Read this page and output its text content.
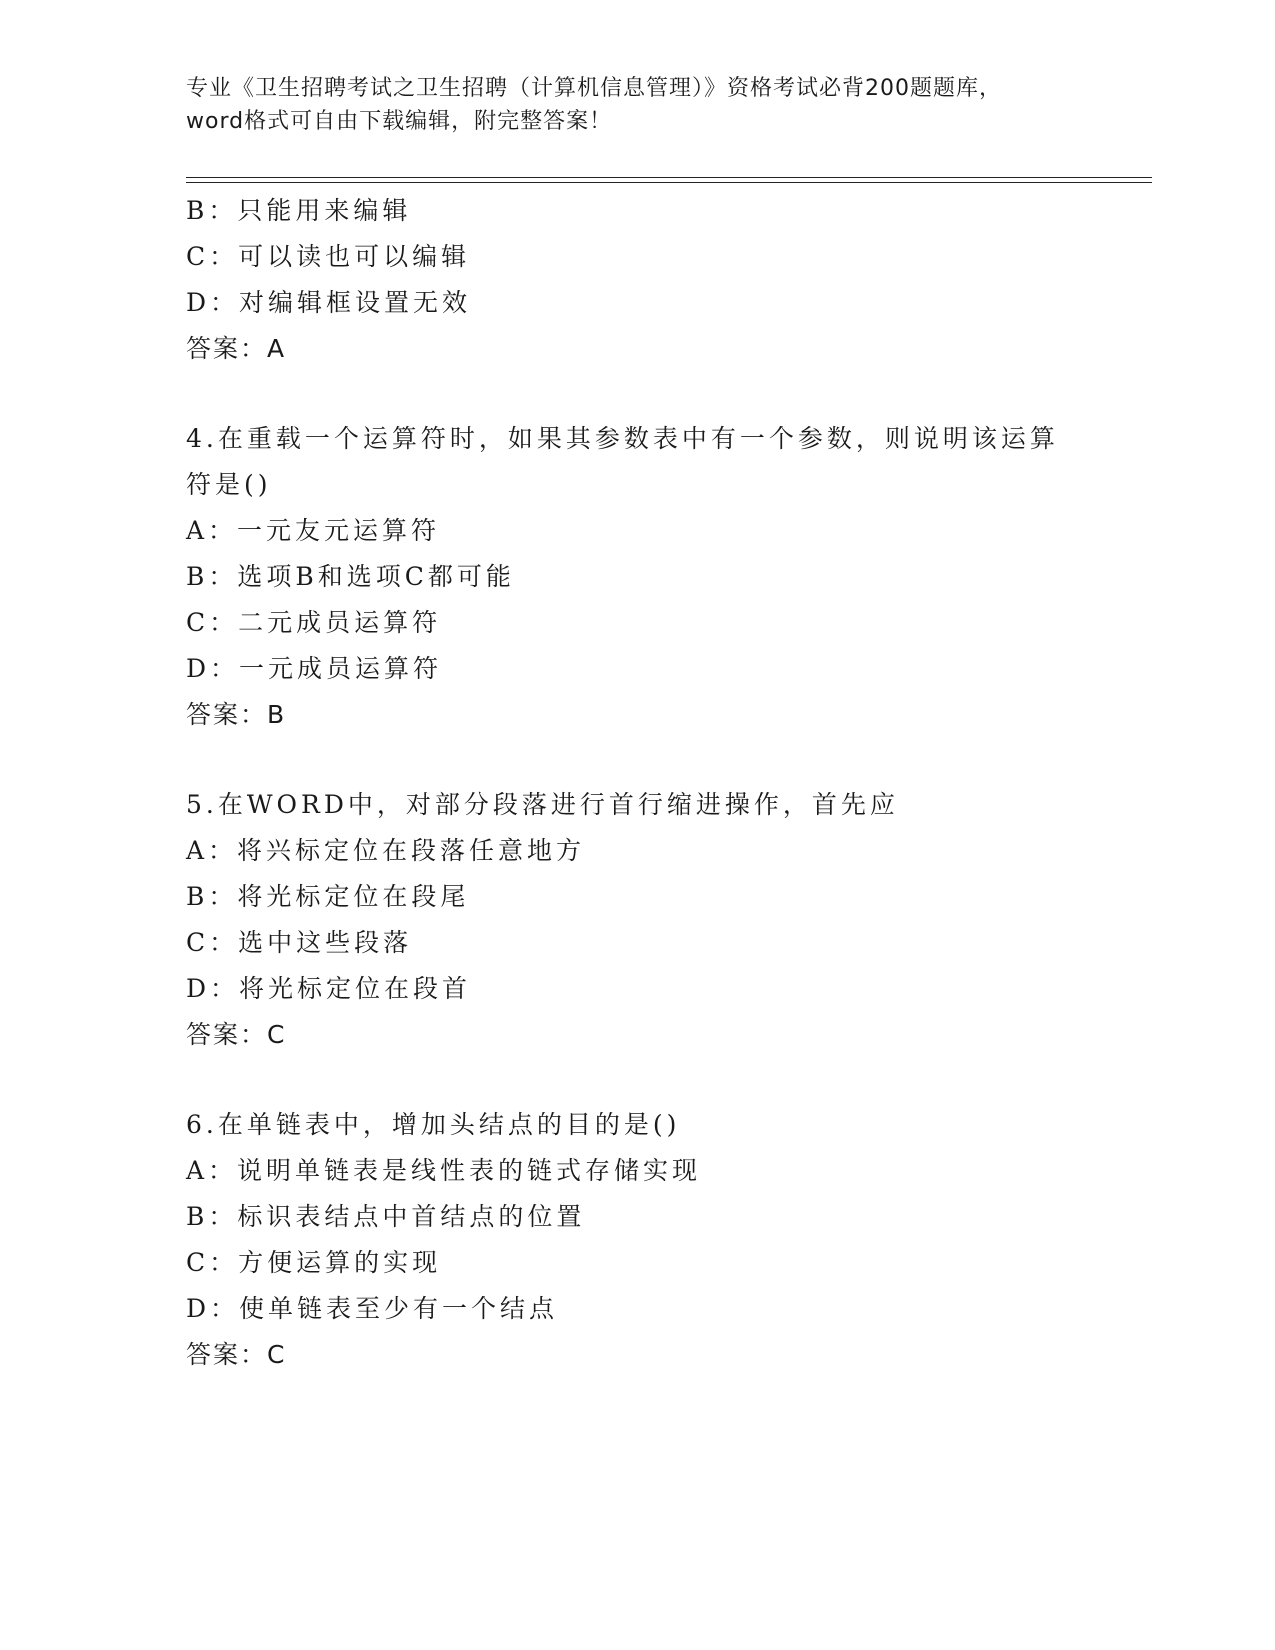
专业《卫生招聘考试之卫生招聘（计算机信息管理）》资格考试必背200题题库，
word格式可自由下载编辑，附完整答案！
B：只能用来编辑
C：可以读也可以编辑
D：对编辑框设置无效
答案：A
4.在重载一个运算符时，如果其参数表中有一个参数，则说明该运算
符是()
A：一元友元运算符
B：选项B和选项C都可能
C：二元成员运算符
D：一元成员运算符
答案：B
5.在WORD中，对部分段落进行首行缩进操作，首先应
A：将兴标定位在段落任意地方
B：将光标定位在段尾
C：选中这些段落
D：将光标定位在段首
答案：C
6.在单链表中，增加头结点的目的是()
A：说明单链表是线性表的链式存储实现
B：标识表结点中首结点的位置
C：方便运算的实现
D：使单链表至少有一个结点
答案：C
